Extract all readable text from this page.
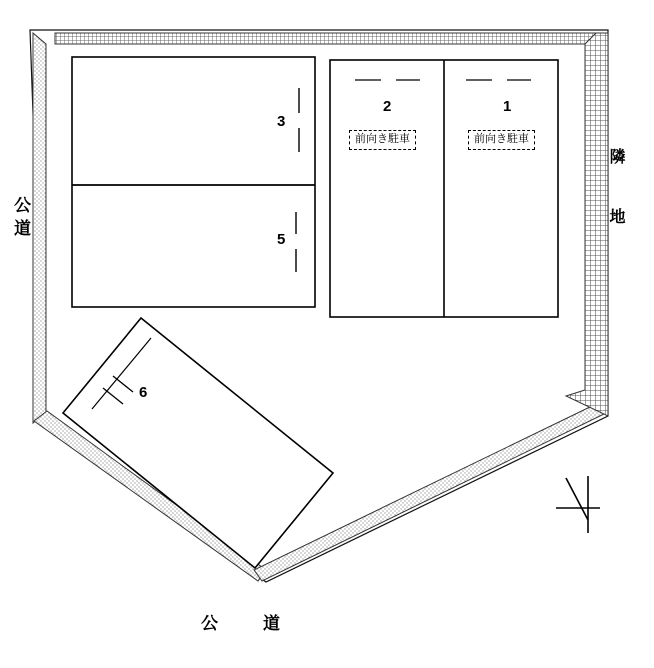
3
5
6
2	1
前向き駐車	前向き駐車
公道
公　道
隣　地
